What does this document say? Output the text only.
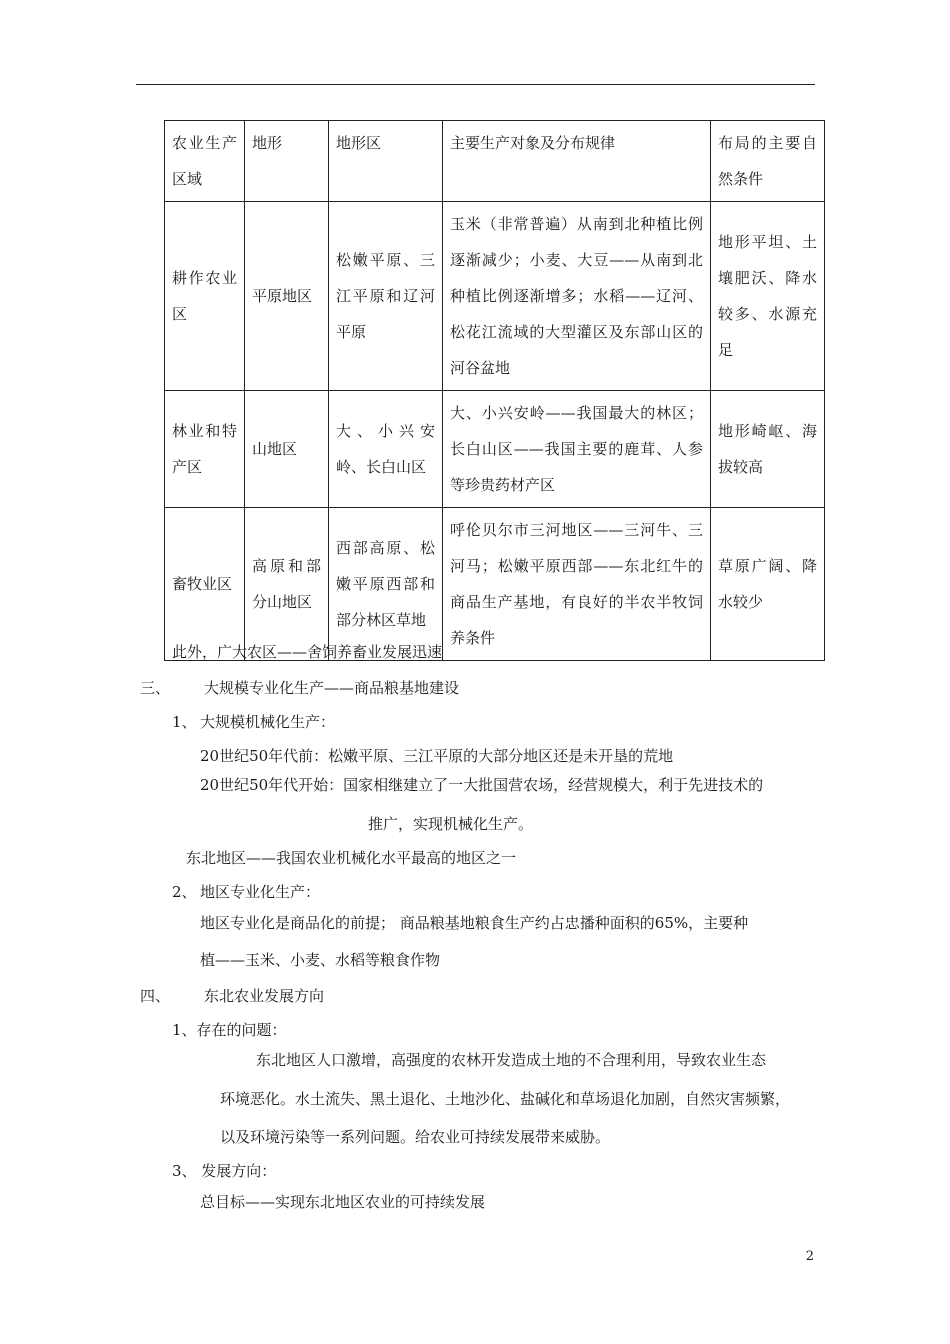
农业生产区域	地形	地形区	主要生产对象及分布规律	布局的主要自然条件
耕作农业区	平原地区	松嫩平原、三江平原和辽河平原	玉米（非常普遍）从南到北种植比例逐渐减少；小麦、大豆——从南到北种植比例逐渐增多；水稻——辽河、松花江流域的大型灌区及东部山区的河谷盆地	地形平坦、土壤肥沃、降水较多、水源充足
林业和特产区	山地区	大、小兴安岭、长白山区	大、小兴安岭——我国最大的林区；长白山区——我国主要的鹿茸、人参等珍贵药材产区	地形崎岖、海拔较高
畜牧业区	高原和部分山地区	西部高原、松嫩平原西部和部分林区草地	呼伦贝尔市三河地区——三河牛、三河马；松嫩平原西部——东北红牛的商品生产基地，有良好的半农半牧饲养条件	草原广阔、降水较少
此外，广大农区——舍饲养畜业发展迅速
三、 大规模专业化生产——商品粮基地建设
1、 大规模机械化生产：
20世纪50年代前：松嫩平原、三江平原的大部分地区还是未开垦的荒地
20世纪50年代开始：国家相继建立了一大批国营农场，经营规模大，利于先进技术的
推广，实现机械化生产。
东北地区——我国农业机械化水平最高的地区之一
2、 地区专业化生产：
地区专业化是商品化的前提； 商品粮基地粮食生产约占忠播种面积的65%，主要种
植——玉米、小麦、水稻等粮食作物
四、 东北农业发展方向
1、存在的问题：
东北地区人口激增，高强度的农林开发造成土地的不合理利用，导致农业生态
环境恶化。水土流失、黑土退化、土地沙化、盐碱化和草场退化加剧，自然灾害频繁，
以及环境污染等一系列问题。给农业可持续发展带来威胁。
3、 发展方向：
总目标——实现东北地区农业的可持续发展
2
